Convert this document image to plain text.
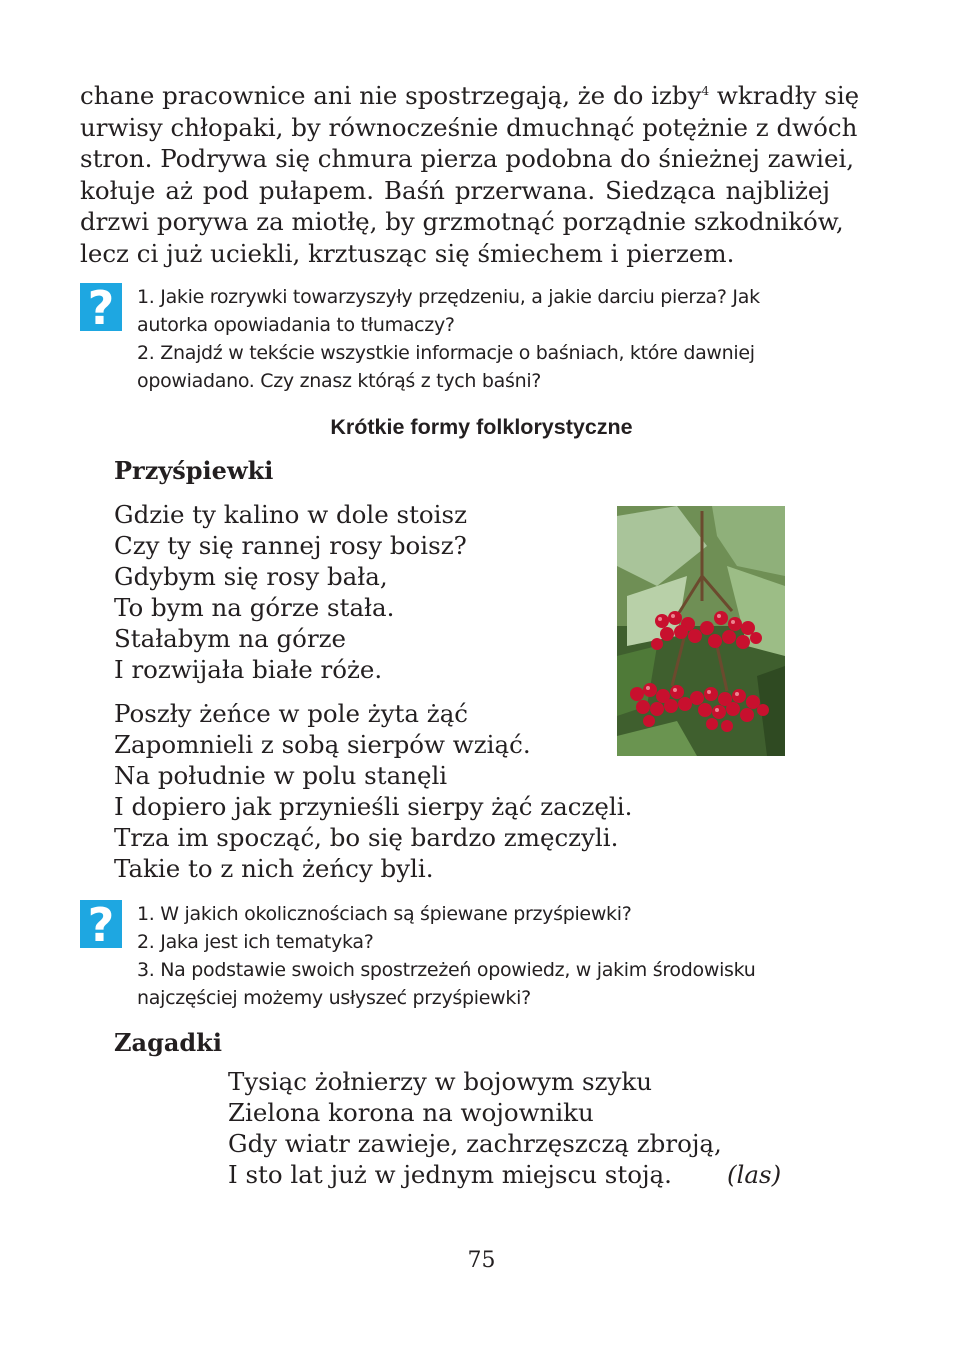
chane pracownice ani nie spostrzegają, że do izby$^4$ wkradły się
urwisy chłopaki, by równocześnie dmuchnąć potężnie z dwóch
stron. Podrywa się chmura pierza podobna do śnieżnej zawiei,
kołuje aż pod pułapem. Baśń przerwana. Siedząca najbliżej
drzwi porywa za miotłę, by grzmotnąć porządnie szkodników,
lecz ci już uciekli, krztusząc się śmiechem i pierzem.
?	1. Jakie rozrywki towarzyszyły przędzeniu, a jakie darciu pierza? Jak
autorka opowiadania to tłumaczy?
2. Znajdź w tekście wszystkie informacje o baśniach, które dawniej
opowiadano. Czy znasz którąś z tych baśni?
Krótkie formy folklorystyczne
Przyśpiewki
Gdzie ty kalino w dole stoisz
Czy ty się rannej rosy boisz?
Gdybym się rosy bała,
To bym na górze stała.
Stałabym na górze
I rozwijała białe róże.
Poszły żeńce w pole żyta żąć
Zapomnieli z sobą sierpów wziąć.
Na południe w polu stanęli
I dopiero jak przynieśli sierpy żąć zaczęli.
Trza im spocząć, bo się bardzo zmęczyli.
Takie to z nich żeńcy byli.
?	1. W jakich okolicznościach są śpiewane przyśpiewki?
2. Jaka jest ich tematyka?
3. Na podstawie swoich spostrzeżeń opowiedz, w jakim środowisku
najczęściej możemy usłyszeć przyśpiewki?
Zagadki
Tysiąc żołnierzy w bojowym szyku
Zielona korona na wojowniku
Gdy wiatr zawieje, zachrzęszczą zbroją,
I sto lat już w jednym miejscu stoją.	(las)
75
